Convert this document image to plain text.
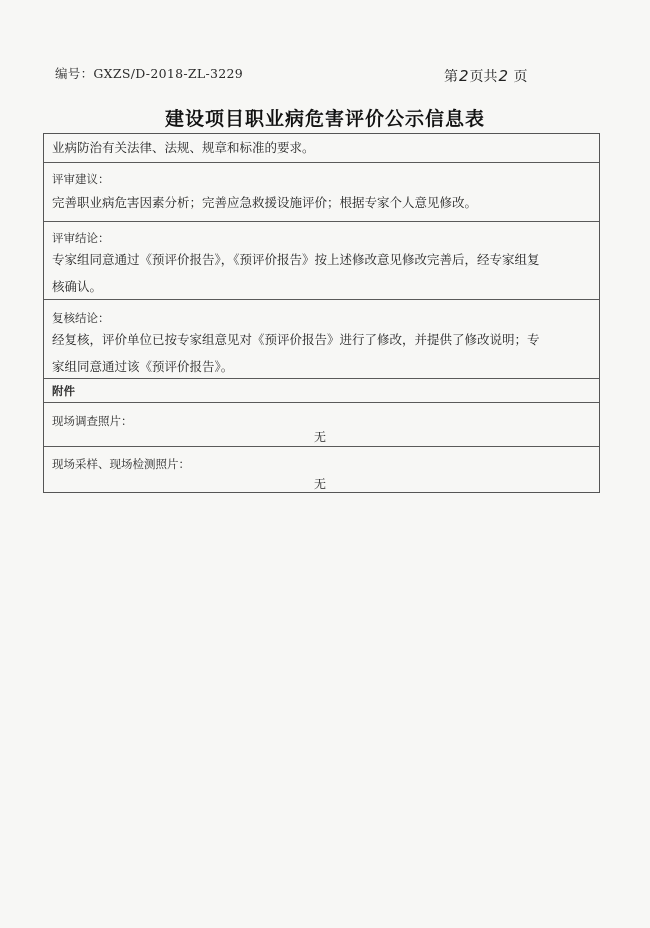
编号：GXZS/D-2018-ZL-3229	第2页共2 页
建设项目职业病危害评价公示信息表
业病防治有关法律、法规、规章和标准的要求。
评审建议：
完善职业病危害因素分析；完善应急救援设施评价；根据专家个人意见修改。
评审结论：
专家组同意通过《预评价报告》，《预评价报告》按上述修改意见修改完善后，经专家组复
核确认。
复核结论：
经复核，评价单位已按专家组意见对《预评价报告》进行了修改，并提供了修改说明；专
家组同意通过该《预评价报告》。
附件
现场调查照片：
无
现场采样、现场检测照片：
无
